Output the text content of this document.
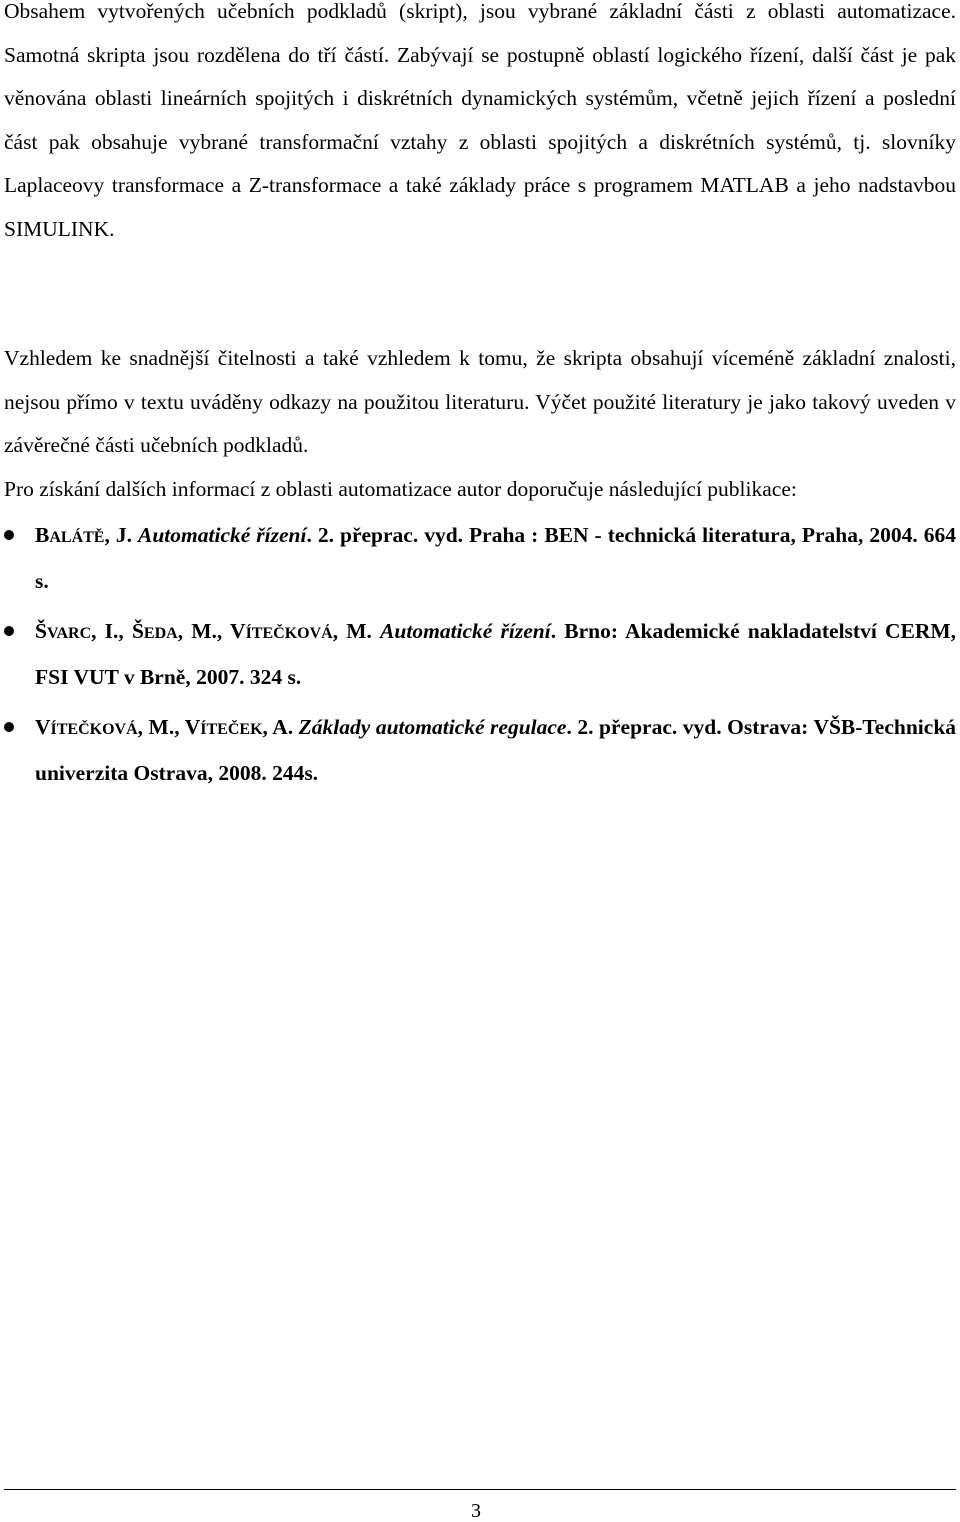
Obsahem vytvořených učebních podkladů (skript), jsou vybrané základní části z oblasti automatizace. Samotná skripta jsou rozdělena do tří částí. Zabývají se postupně oblastí logického řízení, další část je pak věnována oblasti lineárních spojitých i diskrétních dynamických systémům, včetně jejich řízení a poslední část pak obsahuje vybrané transformační vztahy z oblasti spojitých a diskrétních systémů, tj. slovníky Laplaceovy transformace a Z-transformace a také základy práce s programem MATLAB a jeho nadstavbou SIMULINK.

Vzhledem ke snadnější čitelnosti a také vzhledem k tomu, že skripta obsahují víceméně základní znalosti, nejsou přímo v textu uváděny odkazy na použitou literaturu. Výčet použité literatury je jako takový uveden v závěrečné části učebních podkladů.

Pro získání dalších informací z oblasti automatizace autor doporučuje následující publikace:

BALÁTĚ, J. Automatické řízení. 2. přeprac. vyd. Praha : BEN - technická literatura, Praha, 2004. 664 s.
ŠVARC, I., ŠEDA, M., VÍTEČKOVÁ, M. Automatické řízení. Brno: Akademické nakladatelství CERM, FSI VUT v Brně, 2007. 324 s.
VÍTEČKOVÁ, M., VÍTEČEK, A. Základy automatické regulace. 2. přeprac. vyd. Ostrava: VŠB-Technická univerzita Ostrava, 2008. 244s.
3
